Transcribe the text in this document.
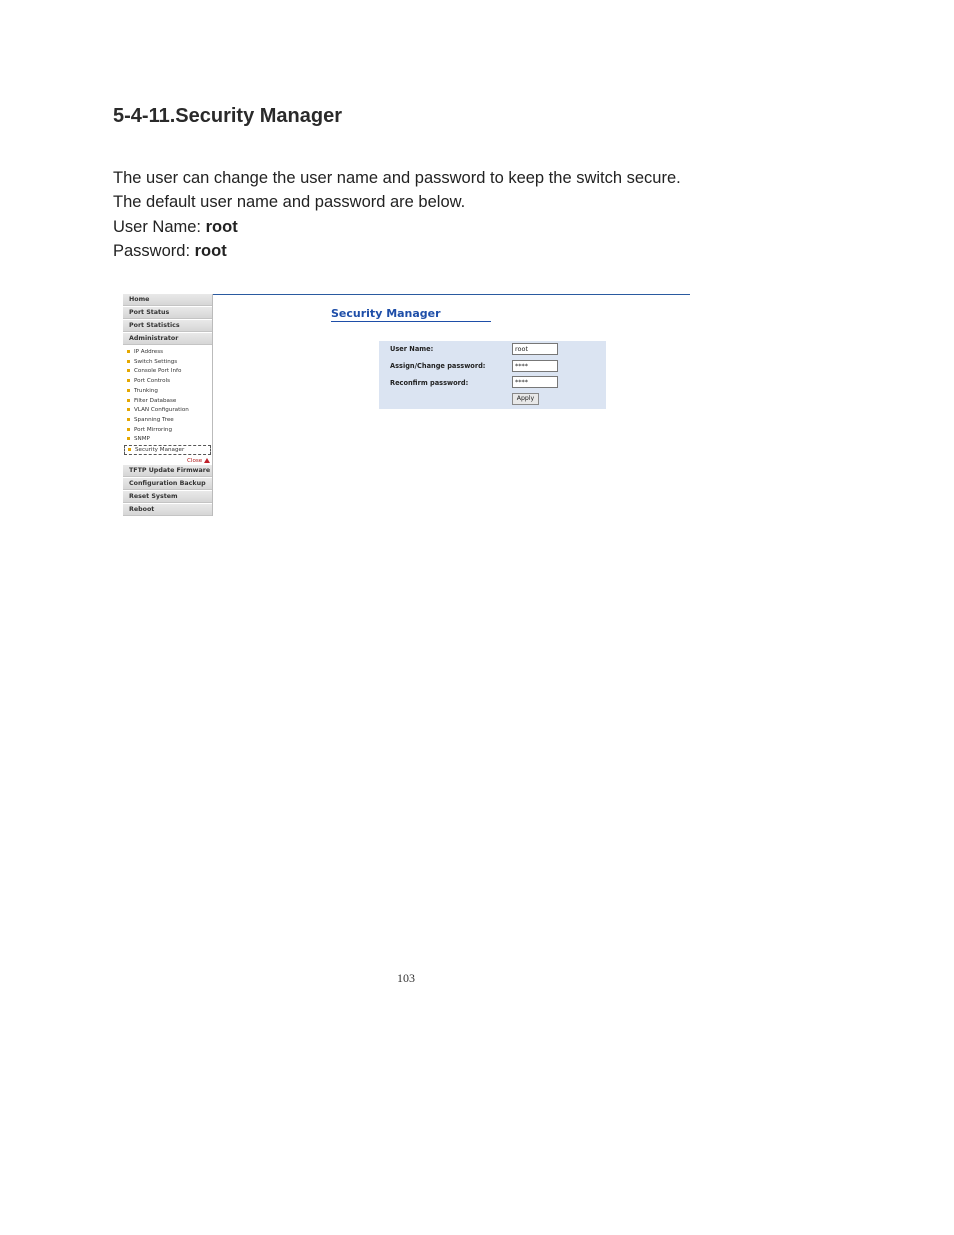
5-4-11.Security Manager
The user can change the user name and password to keep the switch secure.
The default user name and password are below.
User Name: root
Password: root
Home
Port Status
Port Statistics
Administrator
IP Address
Switch Settings
Console Port Info
Port Controls
Trunking
Filter Database
VLAN Configuration
Spanning Tree
Port Mirroring
SNMP
Security Manager
Close
TFTP Update Firmware
Configuration Backup
Reset System
Reboot
Security Manager
User Name:	root
Assign/Change password:	****
Reconfirm password:	****
Apply
103
